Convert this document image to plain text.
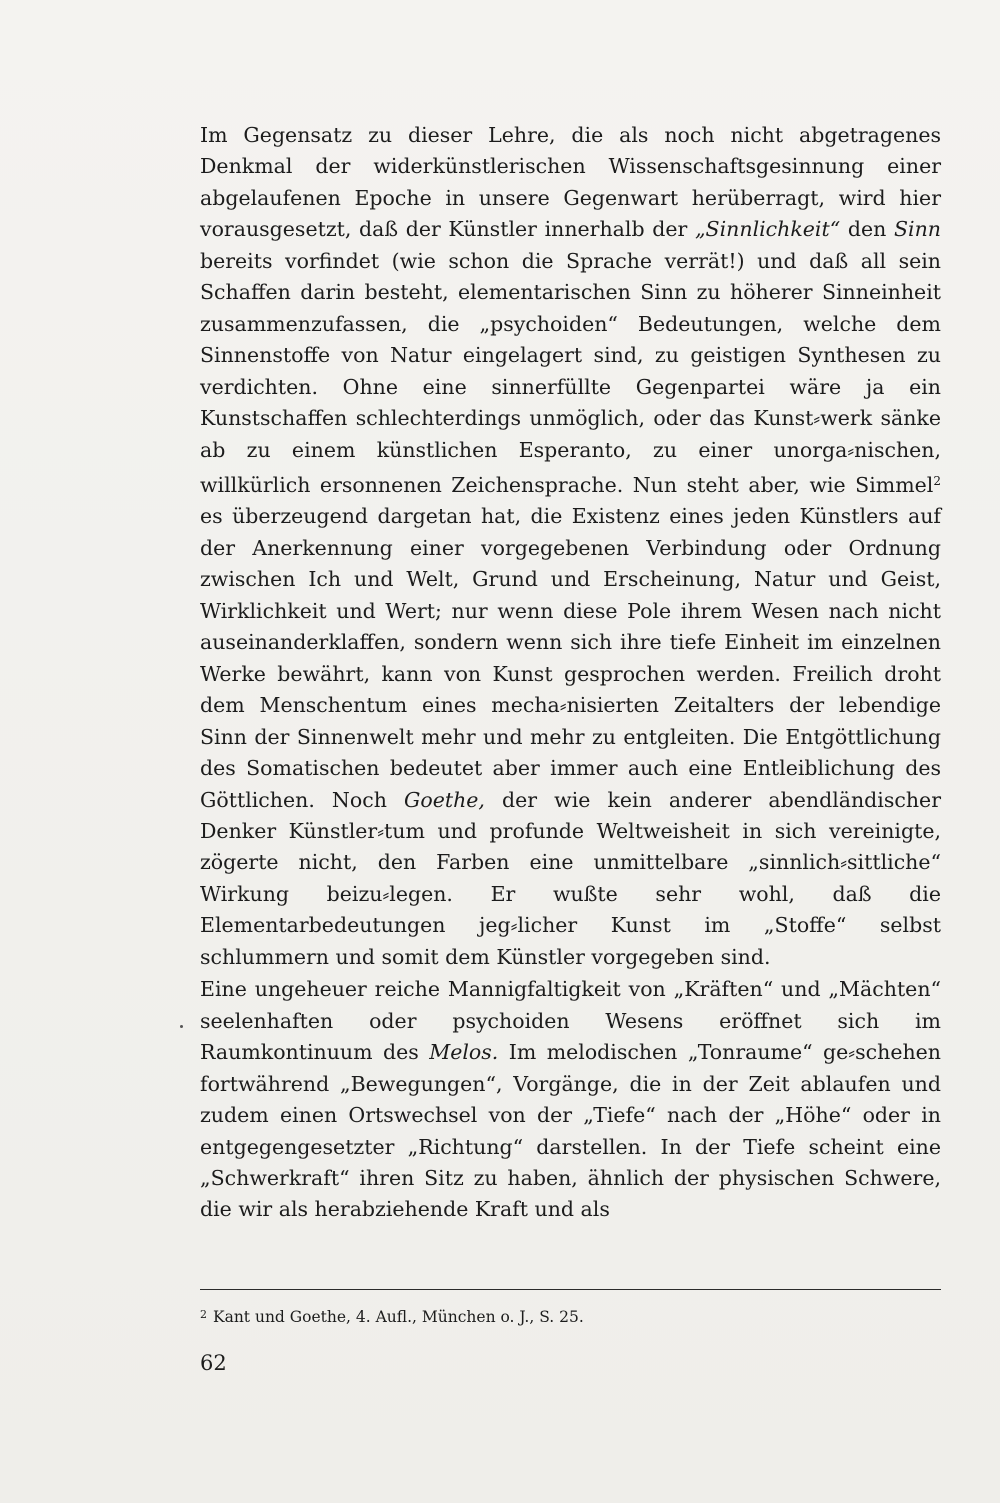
Im Gegensatz zu dieser Lehre, die als noch nicht abgetragenes Denkmal der widerkünstlerischen Wissenschaftsgesinnung einer abgelaufenen Epoche in unsere Gegenwart herüberragt, wird hier vorausgesetzt, daß der Künstler innerhalb der „Sinnlichkeit“ den Sinn bereits vorfindet (wie schon die Sprache verrät!) und daß all sein Schaffen darin besteht, elementarischen Sinn zu höherer Sinneinheit zusammenzufassen, die „psychoiden“ Bedeutungen, welche dem Sinnenstoffe von Natur eingelagert sind, zu geistigen Synthesen zu verdichten. Ohne eine sinnerfüllte Gegenpartei wäre ja ein Kunstschaffen schlechterdings unmöglich, oder das Kunst⸗werk sänke ab zu einem künstlichen Esperanto, zu einer unorga⸗nischen, willkürlich ersonnenen Zeichensprache. Nun steht aber, wie Simmel$^2$ es überzeugend dargetan hat, die Existenz eines jeden Künstlers auf der Anerkennung einer vorgegebenen Verbindung oder Ordnung zwischen Ich und Welt, Grund und Erscheinung, Natur und Geist, Wirklichkeit und Wert; nur wenn diese Pole ihrem Wesen nach nicht auseinanderklaffen, sondern wenn sich ihre tiefe Einheit im einzelnen Werke bewährt, kann von Kunst gesprochen werden. Freilich droht dem Menschentum eines mecha⸗nisierten Zeitalters der lebendige Sinn der Sinnenwelt mehr und mehr zu entgleiten. Die Entgöttlichung des Somatischen bedeutet aber immer auch eine Entleiblichung des Göttlichen. Noch Goethe, der wie kein anderer abendländischer Denker Künstler⸗tum und profunde Weltweisheit in sich vereinigte, zögerte nicht, den Farben eine unmittelbare „sinnlich⸗sittliche“ Wirkung beizu⸗legen. Er wußte sehr wohl, daß die Elementarbedeutungen jeg⸗licher Kunst im „Stoffe“ selbst schlummern und somit dem Künstler vorgegeben sind.

Eine ungeheuer reiche Mannigfaltigkeit von „Kräften“ und „Mächten“ seelenhaften oder psychoiden Wesens eröffnet sich im Raumkontinuum des Melos. Im melodischen „Tonraume“ ge⸗schehen fortwährend „Bewegungen“, Vorgänge, die in der Zeit ablaufen und zudem einen Ortswechsel von der „Tiefe“ nach der „Höhe“ oder in entgegengesetzter „Richtung“ darstellen. In der Tiefe scheint eine „Schwerkraft“ ihren Sitz zu haben, ähnlich der physischen Schwere, die wir als herabziehende Kraft und als

$^2$ Kant und Goethe, 4. Aufl., München o. J., S. 25.
62
